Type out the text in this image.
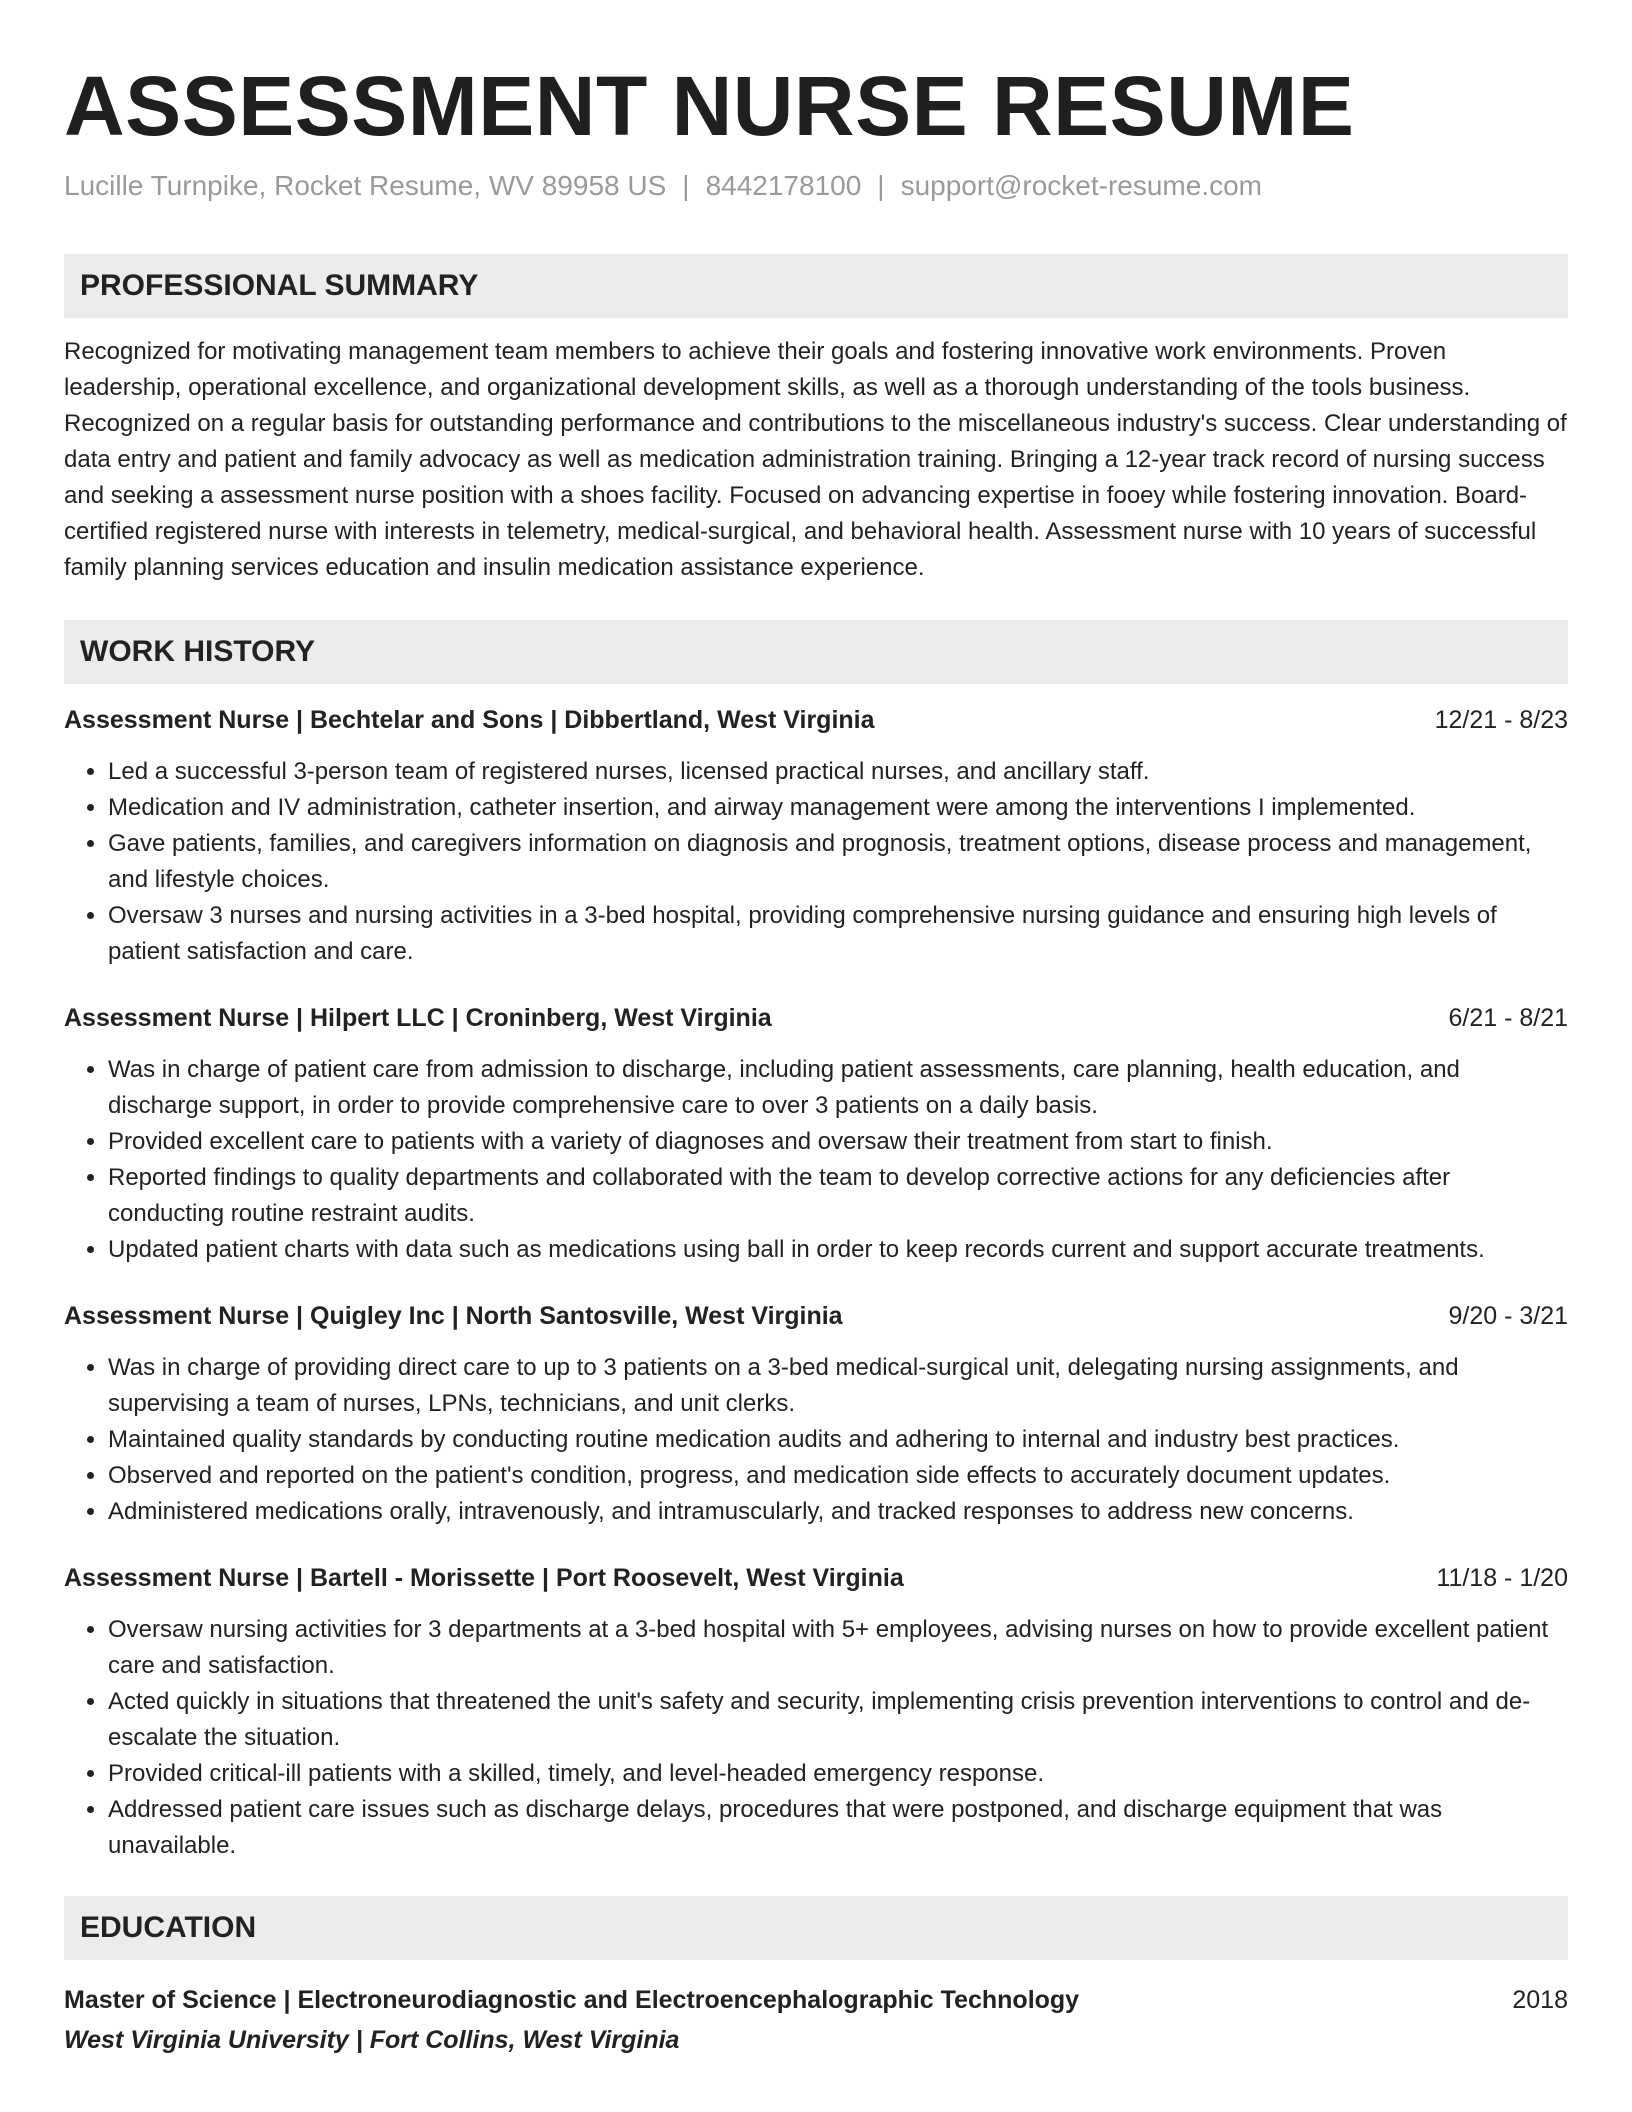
ASSESSMENT NURSE RESUME
Lucille Turnpike, Rocket Resume, WV 89958 US | 8442178100 | support@rocket-resume.com
PROFESSIONAL SUMMARY
Recognized for motivating management team members to achieve their goals and fostering innovative work environments. Proven leadership, operational excellence, and organizational development skills, as well as a thorough understanding of the tools business. Recognized on a regular basis for outstanding performance and contributions to the miscellaneous industry's success. Clear understanding of data entry and patient and family advocacy as well as medication administration training. Bringing a 12-year track record of nursing success and seeking a assessment nurse position with a shoes facility. Focused on advancing expertise in fooey while fostering innovation. Board-certified registered nurse with interests in telemetry, medical-surgical, and behavioral health. Assessment nurse with 10 years of successful family planning services education and insulin medication assistance experience.
WORK HISTORY
Assessment Nurse | Bechtelar and Sons | Dibbertland, West Virginia	12/21 - 8/23
• Led a successful 3-person team of registered nurses, licensed practical nurses, and ancillary staff.
• Medication and IV administration, catheter insertion, and airway management were among the interventions I implemented.
• Gave patients, families, and caregivers information on diagnosis and prognosis, treatment options, disease process and management, and lifestyle choices.
• Oversaw 3 nurses and nursing activities in a 3-bed hospital, providing comprehensive nursing guidance and ensuring high levels of patient satisfaction and care.
Assessment Nurse | Hilpert LLC | Croninberg, West Virginia	6/21 - 8/21
• Was in charge of patient care from admission to discharge, including patient assessments, care planning, health education, and discharge support, in order to provide comprehensive care to over 3 patients on a daily basis.
• Provided excellent care to patients with a variety of diagnoses and oversaw their treatment from start to finish.
• Reported findings to quality departments and collaborated with the team to develop corrective actions for any deficiencies after conducting routine restraint audits.
• Updated patient charts with data such as medications using ball in order to keep records current and support accurate treatments.
Assessment Nurse | Quigley Inc | North Santosville, West Virginia	9/20 - 3/21
• Was in charge of providing direct care to up to 3 patients on a 3-bed medical-surgical unit, delegating nursing assignments, and supervising a team of nurses, LPNs, technicians, and unit clerks.
• Maintained quality standards by conducting routine medication audits and adhering to internal and industry best practices.
• Observed and reported on the patient's condition, progress, and medication side effects to accurately document updates.
• Administered medications orally, intravenously, and intramuscularly, and tracked responses to address new concerns.
Assessment Nurse | Bartell - Morissette | Port Roosevelt, West Virginia	11/18 - 1/20
• Oversaw nursing activities for 3 departments at a 3-bed hospital with 5+ employees, advising nurses on how to provide excellent patient care and satisfaction.
• Acted quickly in situations that threatened the unit's safety and security, implementing crisis prevention interventions to control and de-escalate the situation.
• Provided critical-ill patients with a skilled, timely, and level-headed emergency response.
• Addressed patient care issues such as discharge delays, procedures that were postponed, and discharge equipment that was unavailable.
EDUCATION
Master of Science | Electroneurodiagnostic and Electroencephalographic Technology	2018
West Virginia University | Fort Collins, West Virginia
